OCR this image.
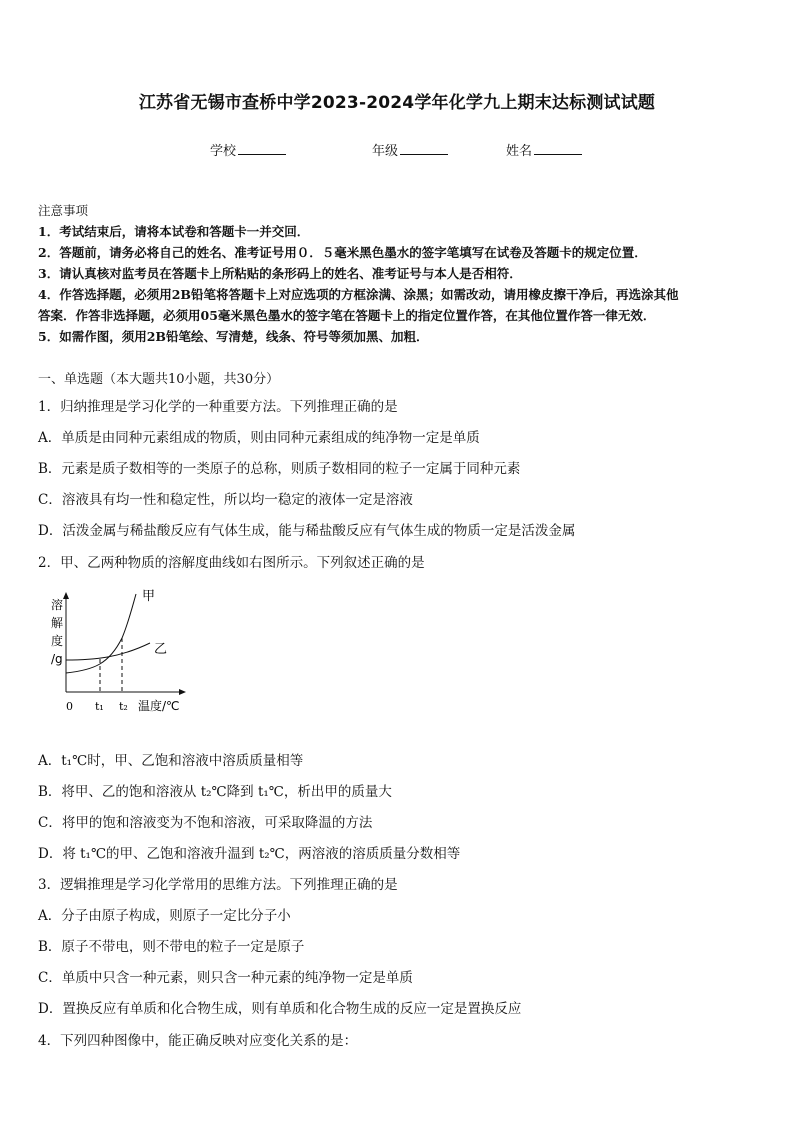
江苏省无锡市查桥中学2023-2024学年化学九上期末达标测试试题
学校	年级	姓名
注意事项
1．考试结束后，请将本试卷和答题卡一并交回．
2．答题前，请务必将自己的姓名、准考证号用０．５毫米黑色墨水的签字笔填写在试卷及答题卡的规定位置．
3．请认真核对监考员在答题卡上所粘贴的条形码上的姓名、准考证号与本人是否相符．
4．作答选择题，必须用2B铅笔将答题卡上对应选项的方框涂满、涂黑；如需改动，请用橡皮擦干净后，再选涂其他
答案．作答非选择题，必须用05毫米黑色墨水的签字笔在答题卡上的指定位置作答，在其他位置作答一律无效．
5．如需作图，须用2B铅笔绘、写清楚，线条、符号等须加黑、加粗．
一、单选题（本大题共10小题，共30分）
1．归纳推理是学习化学的一种重要方法。下列推理正确的是
A．单质是由同种元素组成的物质，则由同种元素组成的纯净物一定是单质
B．元素是质子数相等的一类原子的总称，则质子数相同的粒子一定属于同种元素
C．溶液具有均一性和稳定性，所以均一稳定的液体一定是溶液
D．活泼金属与稀盐酸反应有气体生成，能与稀盐酸反应有气体生成的物质一定是活泼金属
2．甲、乙两种物质的溶解度曲线如右图所示。下列叙述正确的是
溶
解
度
/g
甲
乙
0 t₁ t₂ 温度/℃
A．t₁℃时，甲、乙饱和溶液中溶质质量相等
B．将甲、乙的饱和溶液从 t₂℃降到 t₁℃，析出甲的质量大
C．将甲的饱和溶液变为不饱和溶液，可采取降温的方法
D．将 t₁℃的甲、乙饱和溶液升温到 t₂℃，两溶液的溶质质量分数相等
3．逻辑推理是学习化学常用的思维方法。下列推理正确的是
A．分子由原子构成，则原子一定比分子小
B．原子不带电，则不带电的粒子一定是原子
C．单质中只含一种元素，则只含一种元素的纯净物一定是单质
D．置换反应有单质和化合物生成，则有单质和化合物生成的反应一定是置换反应
4．下列四种图像中，能正确反映对应变化关系的是：
